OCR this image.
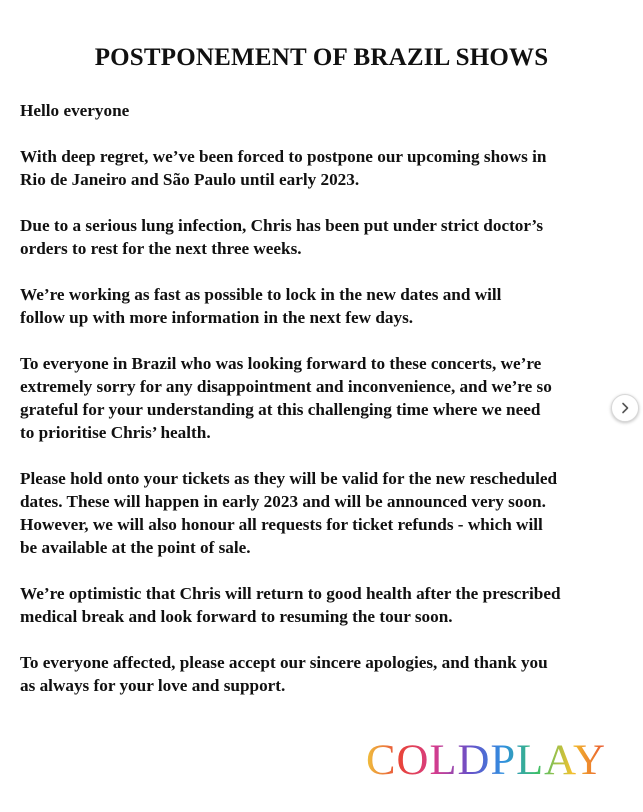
POSTPONEMENT OF BRAZIL SHOWS

Hello everyone

With deep regret, we’ve been forced to postpone our upcoming shows in
Rio de Janeiro and São Paulo until early 2023.

Due to a serious lung infection, Chris has been put under strict doctor’s
orders to rest for the next three weeks.

We’re working as fast as possible to lock in the new dates and will
follow up with more information in the next few days.

To everyone in Brazil who was looking forward to these concerts, we’re
extremely sorry for any disappointment and inconvenience, and we’re so
grateful for your understanding at this challenging time where we need
to prioritise Chris’ health.

Please hold onto your tickets as they will be valid for the new rescheduled
dates. These will happen in early 2023 and will be announced very soon.
However, we will also honour all requests for ticket refunds - which will
be available at the point of sale.

We’re optimistic that Chris will return to good health after the prescribed
medical break and look forward to resuming the tour soon.

To everyone affected, please accept our sincere apologies, and thank you
as always for your love and support.

COLDPLAY
